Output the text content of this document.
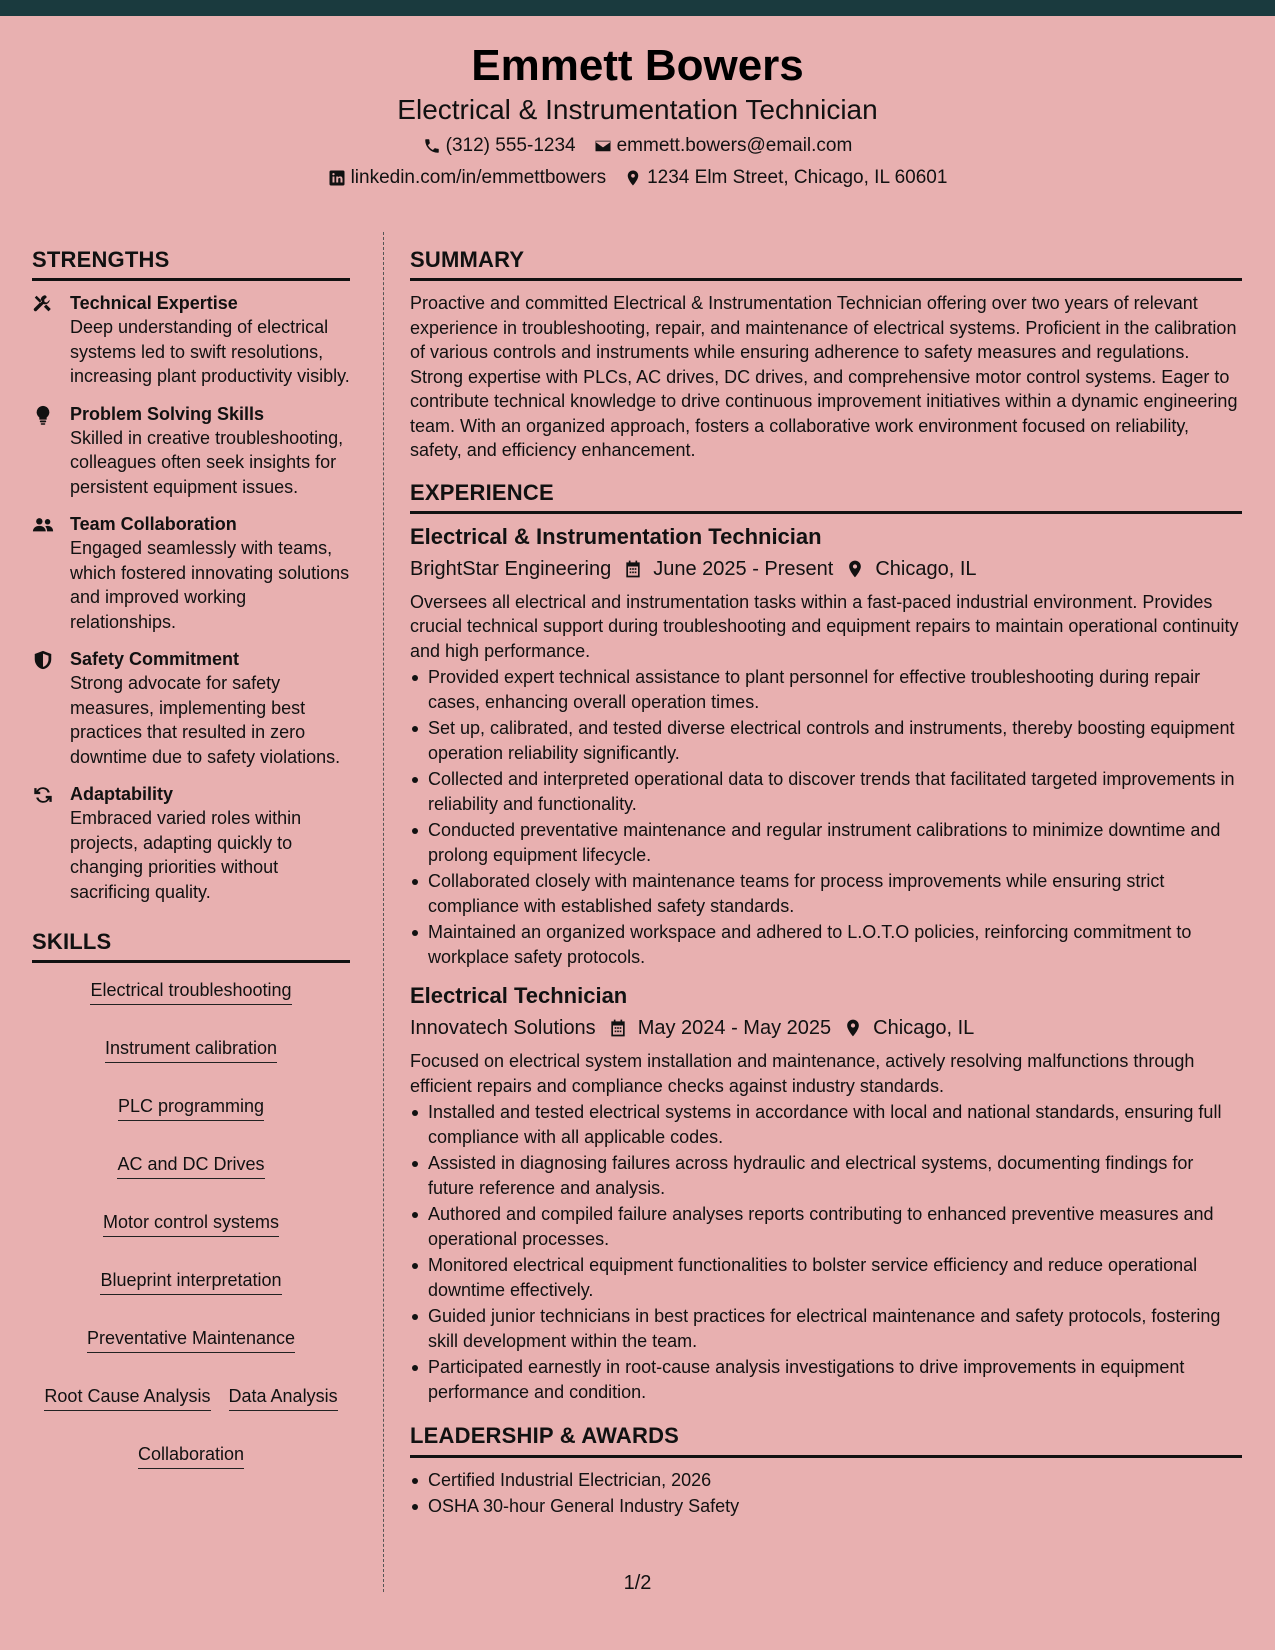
Emmett Bowers
Electrical & Instrumentation Technician
(312) 555-1234 emmett.bowers@email.com
linkedin.com/in/emmettbowers 1234 Elm Street, Chicago, IL 60601
STRENGTHS
Technical Expertise
Deep understanding of electrical systems led to swift resolutions, increasing plant productivity visibly.
Problem Solving Skills
Skilled in creative troubleshooting, colleagues often seek insights for persistent equipment issues.
Team Collaboration
Engaged seamlessly with teams, which fostered innovating solutions and improved working relationships.
Safety Commitment
Strong advocate for safety measures, implementing best practices that resulted in zero downtime due to safety violations.
Adaptability
Embraced varied roles within projects, adapting quickly to changing priorities without sacrificing quality.
SKILLS
Electrical troubleshooting
Instrument calibration
PLC programming
AC and DC Drives
Motor control systems
Blueprint interpretation
Preventative Maintenance
Root Cause Analysis Data Analysis
Collaboration
SUMMARY
Proactive and committed Electrical & Instrumentation Technician offering over two years of relevant experience in troubleshooting, repair, and maintenance of electrical systems. Proficient in the calibration of various controls and instruments while ensuring adherence to safety measures and regulations. Strong expertise with PLCs, AC drives, DC drives, and comprehensive motor control systems. Eager to contribute technical knowledge to drive continuous improvement initiatives within a dynamic engineering team. With an organized approach, fosters a collaborative work environment focused on reliability, safety, and efficiency enhancement.
EXPERIENCE
Electrical & Instrumentation Technician
BrightStar Engineering June 2025 - Present Chicago, IL
Oversees all electrical and instrumentation tasks within a fast-paced industrial environment. Provides crucial technical support during troubleshooting and equipment repairs to maintain operational continuity and high performance.
Provided expert technical assistance to plant personnel for effective troubleshooting during repair cases, enhancing overall operation times.
Set up, calibrated, and tested diverse electrical controls and instruments, thereby boosting equipment operation reliability significantly.
Collected and interpreted operational data to discover trends that facilitated targeted improvements in reliability and functionality.
Conducted preventative maintenance and regular instrument calibrations to minimize downtime and prolong equipment lifecycle.
Collaborated closely with maintenance teams for process improvements while ensuring strict compliance with established safety standards.
Maintained an organized workspace and adhered to L.O.T.O policies, reinforcing commitment to workplace safety protocols.
Electrical Technician
Innovatech Solutions May 2024 - May 2025 Chicago, IL
Focused on electrical system installation and maintenance, actively resolving malfunctions through efficient repairs and compliance checks against industry standards.
Installed and tested electrical systems in accordance with local and national standards, ensuring full compliance with all applicable codes.
Assisted in diagnosing failures across hydraulic and electrical systems, documenting findings for future reference and analysis.
Authored and compiled failure analyses reports contributing to enhanced preventive measures and operational processes.
Monitored electrical equipment functionalities to bolster service efficiency and reduce operational downtime effectively.
Guided junior technicians in best practices for electrical maintenance and safety protocols, fostering skill development within the team.
Participated earnestly in root-cause analysis investigations to drive improvements in equipment performance and condition.
LEADERSHIP & AWARDS
Certified Industrial Electrician, 2026
OSHA 30-hour General Industry Safety
1/2
